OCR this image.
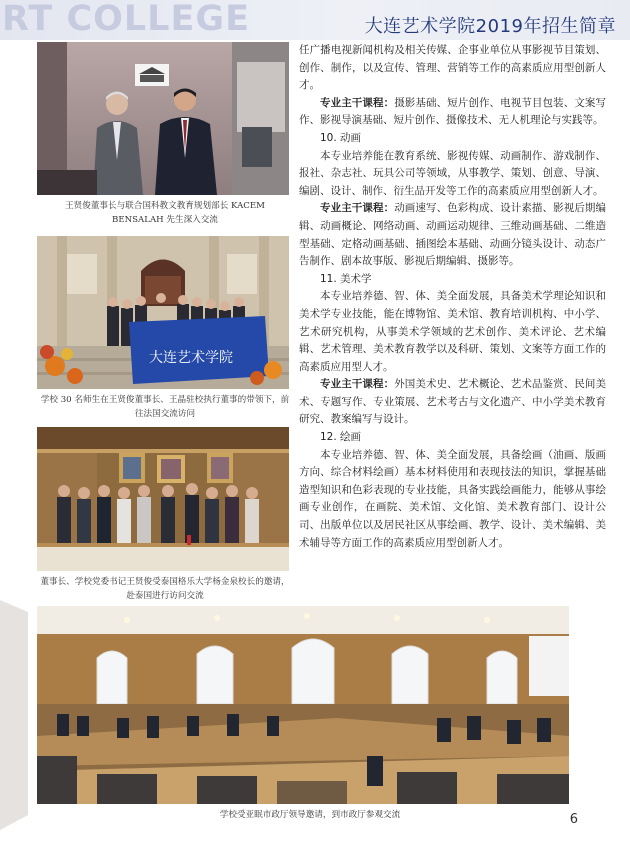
RT COLLEGE	大连艺术学院2019年招生简章
王贤俊董事长与联合国科教文教育规划部长 KACEM BENSALAH 先生深入交流
大连艺术学院
学校 30 名师生在王贤俊董事长、王晶驻校执行董事的带领下，前往法国交流访问
董事长、学校党委书记王贤俊受泰国格乐大学杨金泉校长的邀请，赴泰国进行访问交流
学校受亚眠市政厅领导邀请，到市政厅参观交流

任广播电视新闻机构及相关传媒、企事业单位从事影视节目策划、创作、制作，以及宣传、管理、营销等工作的高素质应用型创新人才。

专业主干课程：摄影基础、短片创作、电视节目包装、文案写作、影视导演基础、短片创作、摄像技术、无人机理论与实践等。

10. 动画

本专业培养能在教育系统、影视传媒、动画制作、游戏制作、报社、杂志社、玩具公司等领域，从事教学、策划、创意、导演、编剧、设计、制作、衍生品开发等工作的高素质应用型创新人才。

专业主干课程：动画速写、色彩构成、设计素描、影视后期编辑、动画概论、网络动画、动画运动规律、三维动画基础、二维造型基础、定格动画基础、插图绘本基础、动画分镜头设计、动态广告制作、剧本故事版、影视后期编辑、摄影等。

11. 美术学

本专业培养德、智、体、美全面发展，具备美术学理论知识和美术学专业技能，能在博物馆、美术馆、教育培训机构、中小学、艺术研究机构，从事美术学领域的艺术创作、美术评论、艺术编辑、艺术管理、美术教育教学以及科研、策划、文案等方面工作的高素质应用型人才。

专业主干课程：外国美术史、艺术概论、艺术品鉴赏、民间美术、专题写作、专业策展、艺术考古与文化遗产、中小学美术教育研究、教案编写与设计。

12. 绘画

本专业培养德、智、体、美全面发展，具备绘画（油画、版画方向、综合材料绘画）基本材料使用和表现技法的知识，掌握基础造型知识和色彩表现的专业技能，具备实践绘画能力，能够从事绘画专业创作，在画院、美术馆、文化馆、美术教育部门、设计公司、出版单位以及居民社区从事绘画、教学、设计、美术编辑、美术辅导等方面工作的高素质应用型创新人才。

6
